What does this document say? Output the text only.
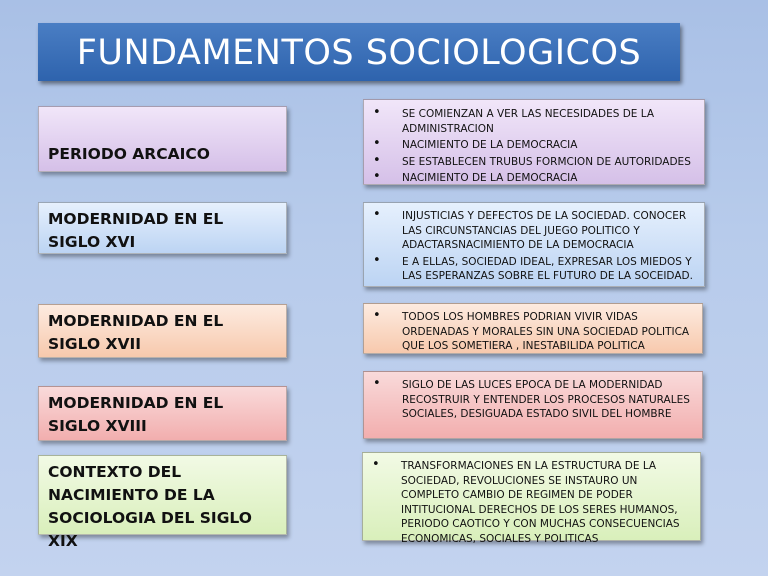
FUNDAMENTOS SOCIOLOGICOS
PERIODO ARCAICO
• SE COMIENZAN A VER LAS NECESIDADES DE LA ADMINISTRACION
• NACIMIENTO DE LA DEMOCRACIA
• SE ESTABLECEN TRUBUS FORMCION DE AUTORIDADES
• NACIMIENTO DE LA DEMOCRACIA
MODERNIDAD EN EL SIGLO XVI
• INJUSTICIAS Y DEFECTOS DE LA SOCIEDAD. CONOCER LAS CIRCUNSTANCIAS DEL JUEGO POLITICO Y ADACTARSNACIMIENTO DE LA DEMOCRACIA
• E A ELLAS, SOCIEDAD IDEAL, EXPRESAR LOS MIEDOS Y LAS ESPERANZAS SOBRE EL FUTURO DE LA SOCEIDAD.
MODERNIDAD EN EL SIGLO XVII
• TODOS LOS HOMBRES PODRIAN VIVIR VIDAS ORDENADAS Y MORALES SIN UNA SOCIEDAD POLITICA QUE LOS SOMETIERA , INESTABILIDA POLITICA
MODERNIDAD EN EL SIGLO XVIII
• SIGLO DE LAS LUCES EPOCA DE LA MODERNIDAD RECOSTRUIR Y ENTENDER LOS PROCESOS NATURALES SOCIALES, DESIGUADA ESTADO SIVIL DEL HOMBRE
CONTEXTO DEL NACIMIENTO DE LA SOCIOLOGIA DEL SIGLO XIX
• TRANSFORMACIONES EN LA ESTRUCTURA DE LA SOCIEDAD, REVOLUCIONES SE INSTAURO UN COMPLETO CAMBIO DE REGIMEN DE PODER INTITUCIONAL DERECHOS DE LOS SERES HUMANOS, PERIODO CAOTICO Y CON MUCHAS CONSECUENCIAS ECONOMICAS, SOCIALES Y POLITICAS
